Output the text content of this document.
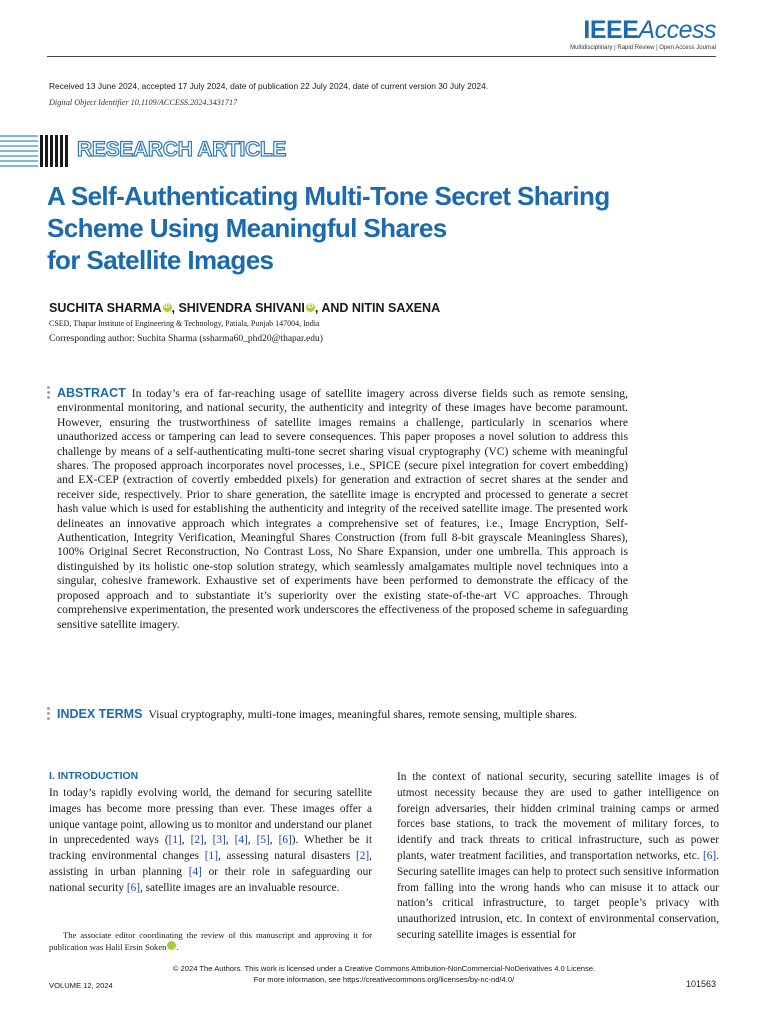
IEEEAccess
Multidisciplinary | Rapid Review | Open Access Journal
Received 13 June 2024, accepted 17 July 2024, date of publication 22 July 2024, date of current version 30 July 2024.
Digital Object Identifier 10.1109/ACCESS.2024.3431717
RESEARCH ARTICLE
A Self-Authenticating Multi-Tone Secret Sharing
Scheme Using Meaningful Shares
for Satellite Images
SUCHITA SHARMA iD , SHIVENDRA SHIVANI iD , AND NITIN SAXENA
CSED, Thapar Institute of Engineering & Technology, Patiala, Punjab 147004, India
Corresponding author: Suchita Sharma (ssharma60_phd20@thapar.edu)
ABSTRACT In today’s era of far-reaching usage of satellite imagery across diverse fields such as remote sensing, environmental monitoring, and national security, the authenticity and integrity of these images have become paramount. However, ensuring the trustworthiness of satellite images remains a challenge, particularly in scenarios where unauthorized access or tampering can lead to severe consequences. This paper proposes a novel solution to address this challenge by means of a self-authenticating multi-tone secret sharing visual cryptography (VC) scheme with meaningful shares. The proposed approach incorporates novel processes, i.e., SPICE (secure pixel integration for covert embedding) and EX-CEP (extraction of covertly embedded pixels) for generation and extraction of secret shares at the sender and receiver side, respectively. Prior to share generation, the satellite image is encrypted and processed to generate a secret hash value which is used for establishing the authenticity and integrity of the received satellite image. The presented work delineates an innovative approach which integrates a comprehensive set of features, i.e., Image Encryption, Self-Authentication, Integrity Verification, Meaningful Shares Construction (from full 8-bit grayscale Meaningless Shares), 100% Original Secret Reconstruction, No Contrast Loss, No Share Expansion, under one umbrella. This approach is distinguished by its holistic one-stop solution strategy, which seamlessly amalgamates multiple novel techniques into a singular, cohesive framework. Exhaustive set of experiments have been performed to demonstrate the efficacy of the proposed approach and to substantiate it’s superiority over the existing state-of-the-art VC approaches. Through comprehensive experimentation, the presented work underscores the effectiveness of the proposed scheme in safeguarding sensitive satellite imagery.
INDEX TERMS Visual cryptography, multi-tone images, meaningful shares, remote sensing, multiple shares.
I. INTRODUCTION
In today’s rapidly evolving world, the demand for securing satellite images has become more pressing than ever. These images offer a unique vantage point, allowing us to monitor and understand our planet in unprecedented ways ([1], [2], [3], [4], [5], [6]). Whether be it tracking environmental changes [1], assessing natural disasters [2], assisting in urban planning [4] or their role in safeguarding our national security [6], satellite images are an invaluable resource.
The associate editor coordinating the review of this manuscript and approving it for publication was Halil Ersin Soken	iD.
In the context of national security, securing satellite images is of utmost necessity because they are used to gather intelligence on foreign adversaries, their hidden criminal training camps or armed forces base stations, to track the movement of military forces, to identify and track threats to critical infrastructure, such as power plants, water treatment facilities, and transportation networks, etc. [6]. Securing satellite images can help to protect such sensitive information from falling into the wrong hands who can misuse it to attack our nation’s critical infrastructure, to target people’s privacy with unauthorized intrusion, etc. In context of environmental conservation, securing satellite images is essential for
© 2024 The Authors. This work is licensed under a Creative Commons Attribution-NonCommercial-NoDerivatives 4.0 License.
For more information, see https://creativecommons.org/licenses/by-nc-nd/4.0/
VOLUME 12, 2024	101563
